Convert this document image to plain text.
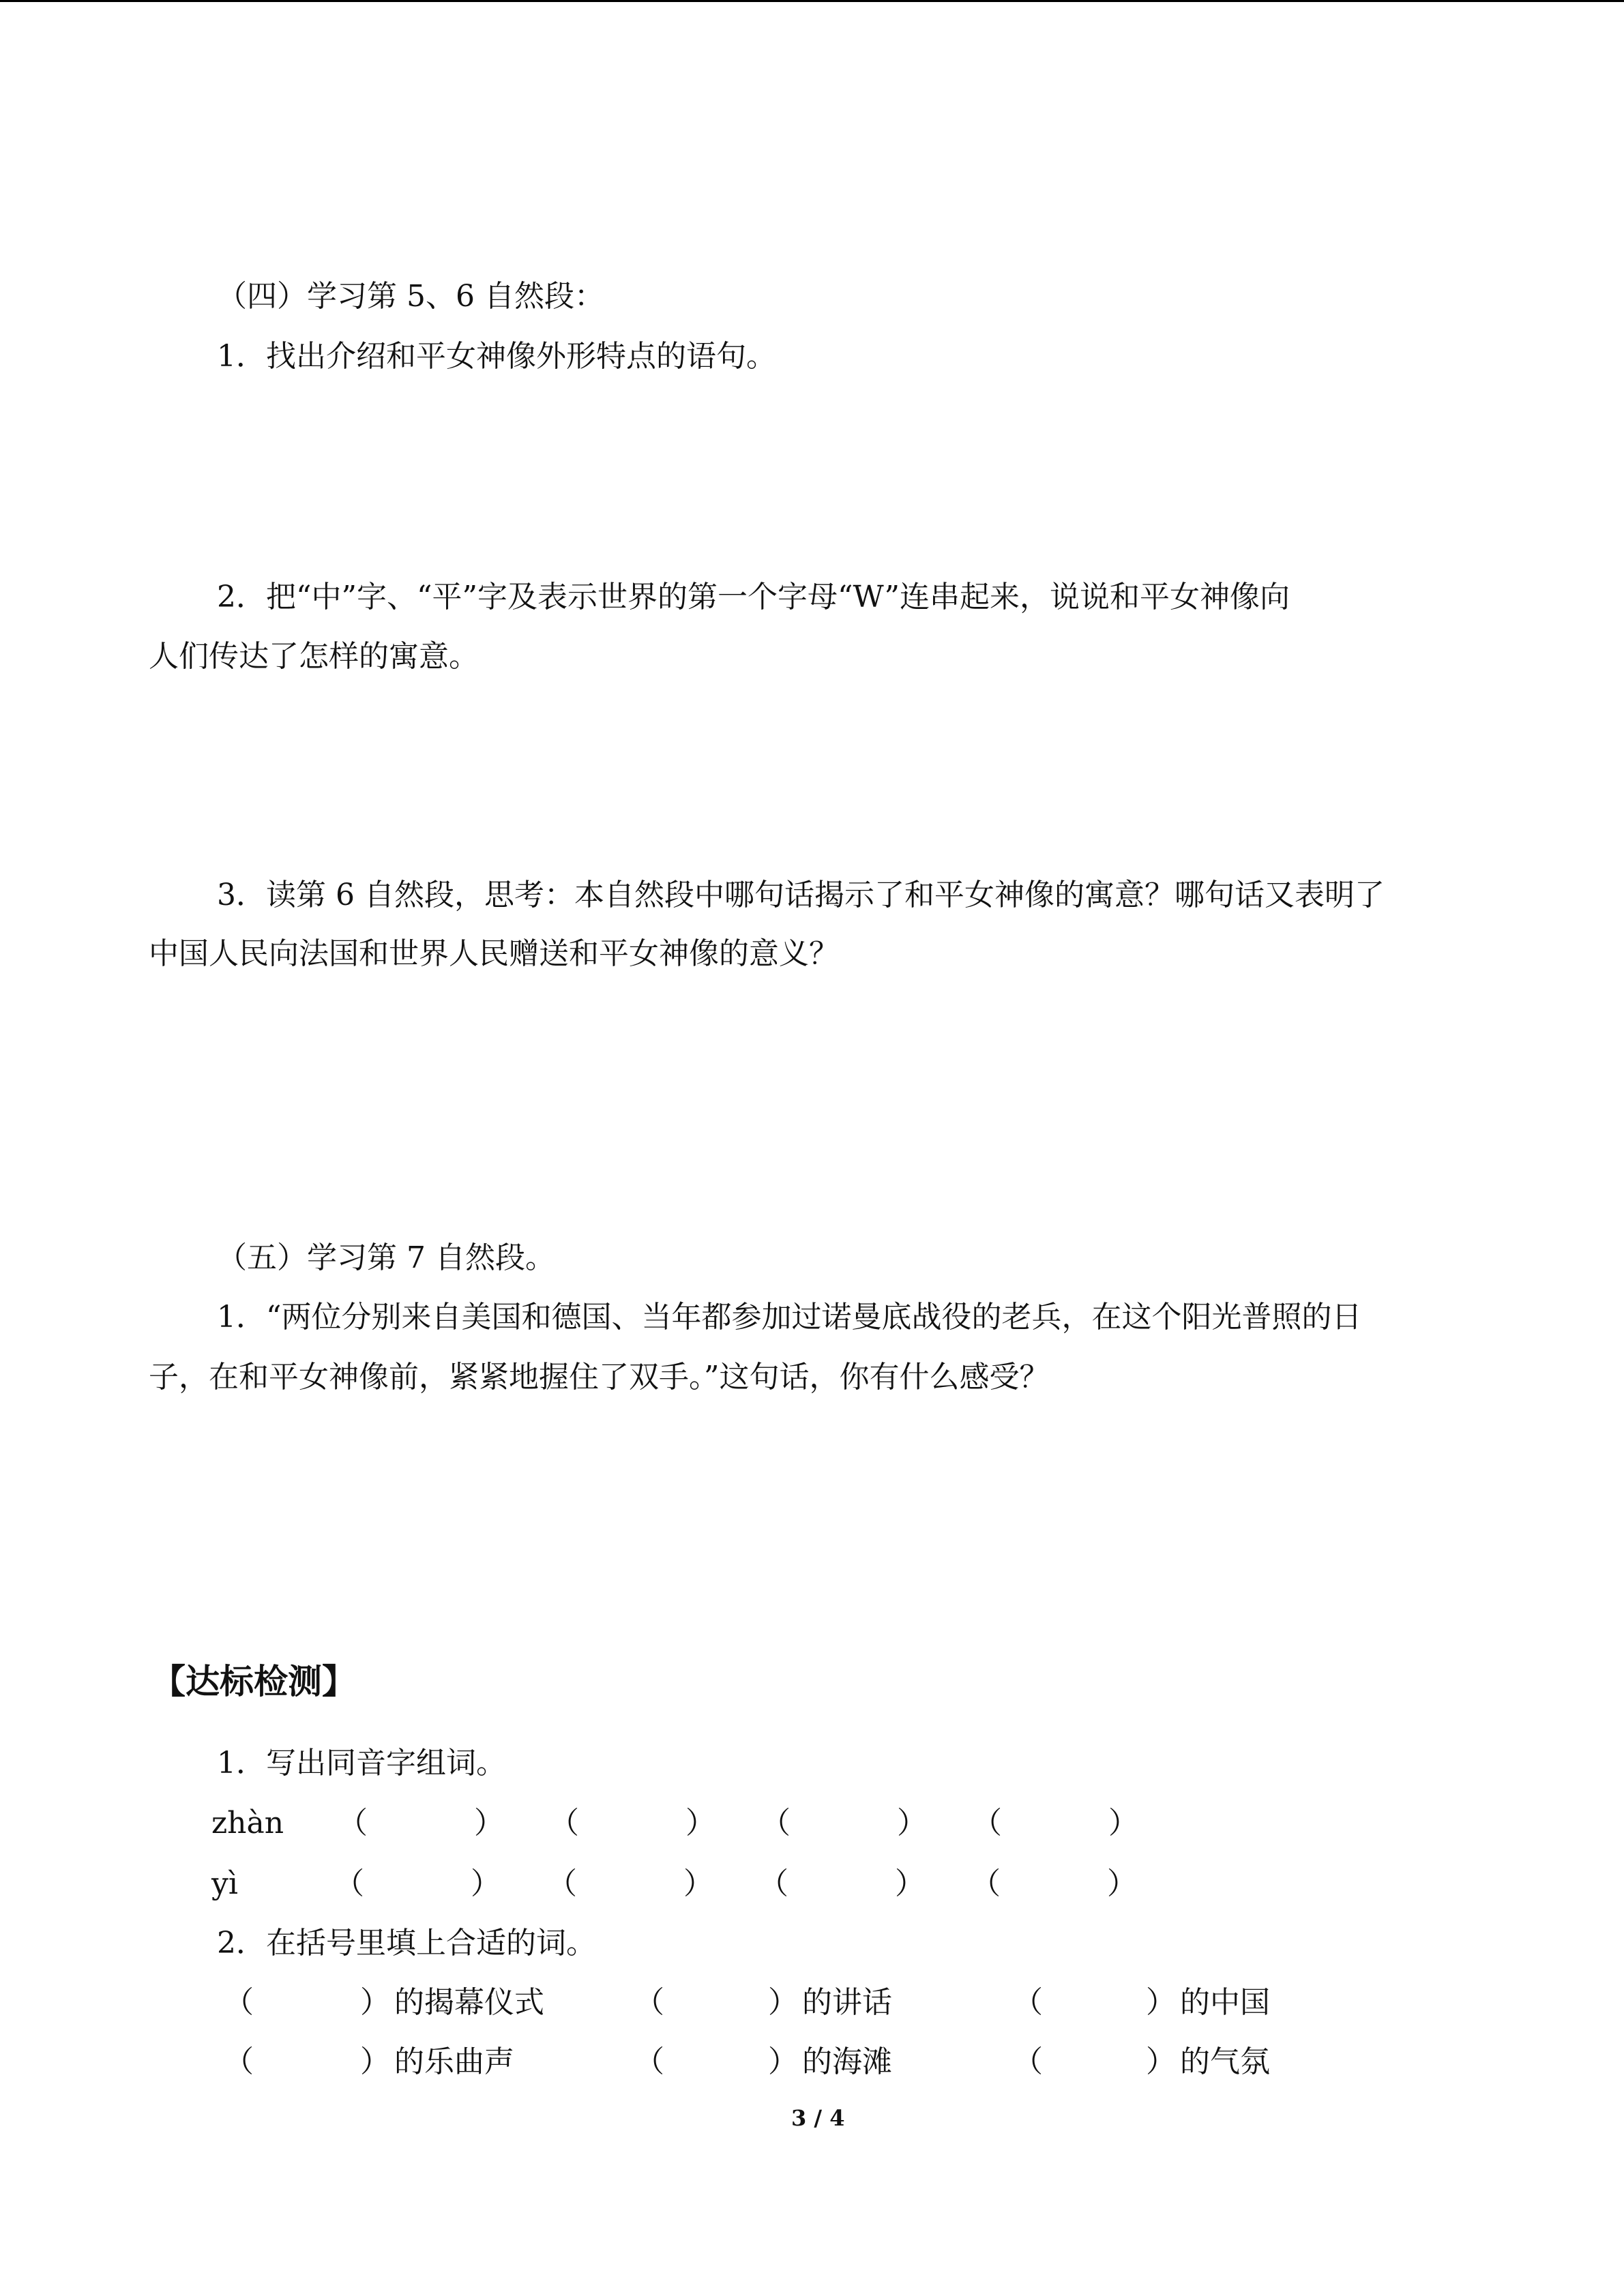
（四）学习第 5、6 自然段：
1．找出介绍和平女神像外形特点的语句。
2．把“中”字、“平”字及表示世界的第一个字母“W”连串起来，说说和平女神像向
人们传达了怎样的寓意。
3．读第 6 自然段，思考：本自然段中哪句话揭示了和平女神像的寓意？哪句话又表明了
中国人民向法国和世界人民赠送和平女神像的意义？
（五）学习第 7 自然段。
1．“两位分别来自美国和德国、当年都参加过诺曼底战役的老兵，在这个阳光普照的日
子，在和平女神像前，紧紧地握住了双手。”这句话，你有什么感受？
【达标检测】
1．写出同音字组词。
zhàn （	） （	） （	） （	）
yì	（	） （	） （	） （	）
2．在括号里填上合适的词。
（	） 的揭幕仪式	（	） 的讲话	（	） 的中国
（	） 的乐曲声	（	） 的海滩	（	） 的气氛
3 / 4
